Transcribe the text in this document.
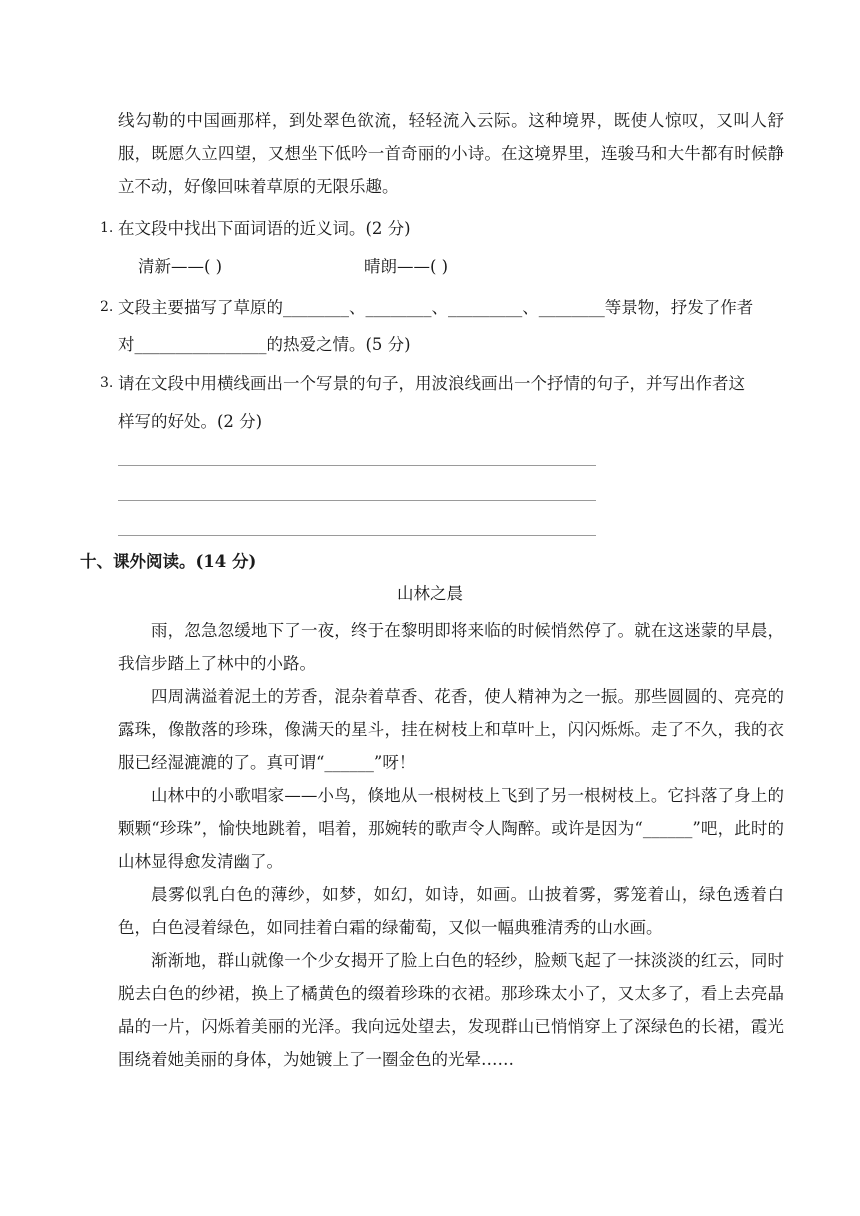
线勾勒的中国画那样，到处翠色欲流，轻轻流入云际。这种境界，既使人惊叹，又叫人舒服，既愿久立四望，又想坐下低吟一首奇丽的小诗。在这境界里，连骏马和大牛都有时候静立不动，好像回味着草原的无限乐趣。

1. 在文段中找出下面词语的近义词。(2 分)

清新——( )	晴朗——( )
2. 文段主要描写了草原的________、________、_________、________等景物，抒发了作者

对________________的热爱之情。(5 分)
3. 请在文段中用横线画出一个写景的句子，用波浪线画出一个抒情的句子，并写出作者这

样写的好处。(2 分)
十、课外阅读。(14 分)
山林之晨

雨，忽急忽缓地下了一夜，终于在黎明即将来临的时候悄然停了。就在这迷蒙的早晨，我信步踏上了林中的小路。

四周满溢着泥土的芳香，混杂着草香、花香，使人精神为之一振。那些圆圆的、亮亮的露珠，像散落的珍珠，像满天的星斗，挂在树枝上和草叶上，闪闪烁烁。走了不久，我的衣服已经湿漉漉的了。真可谓“______”呀！

山林中的小歌唱家——小鸟，倏地从一根树枝上飞到了另一根树枝上。它抖落了身上的颗颗“珍珠”，愉快地跳着，唱着，那婉转的歌声令人陶醉。或许是因为“______”吧，此时的山林显得愈发清幽了。

晨雾似乳白色的薄纱，如梦，如幻，如诗，如画。山披着雾，雾笼着山，绿色透着白色，白色浸着绿色，如同挂着白霜的绿葡萄，又似一幅典雅清秀的山水画。

渐渐地，群山就像一个少女揭开了脸上白色的轻纱，脸颊飞起了一抹淡淡的红云，同时脱去白色的纱裙，换上了橘黄色的缀着珍珠的衣裙。那珍珠太小了，又太多了，看上去亮晶晶的一片，闪烁着美丽的光泽。我向远处望去，发现群山已悄悄穿上了深绿色的长裙，霞光围绕着她美丽的身体，为她镀上了一圈金色的光晕……
